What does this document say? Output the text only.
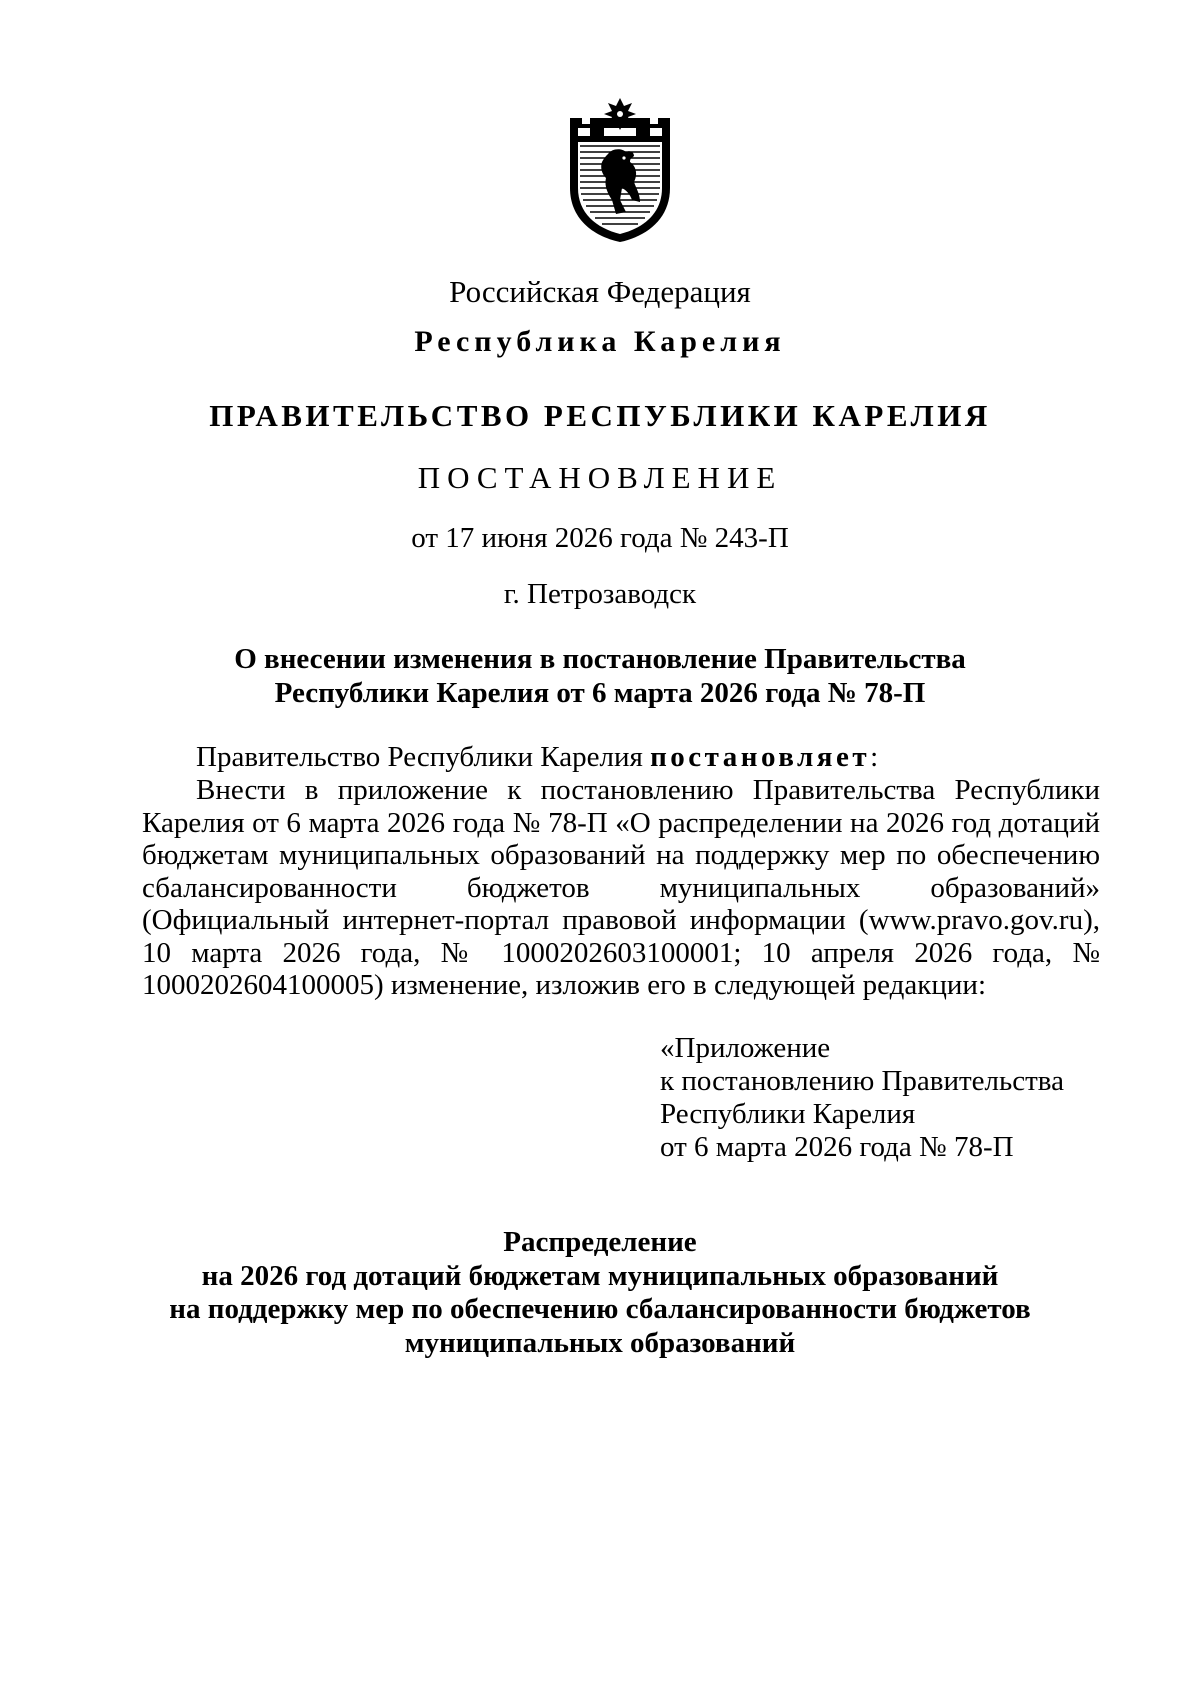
Российская Федерация
Республика Карелия
ПРАВИТЕЛЬСТВО РЕСПУБЛИКИ КАРЕЛИЯ
ПОСТАНОВЛЕНИЕ
от 17 июня 2026 года № 243-П
г. Петрозаводск
О внесении изменения в постановление Правительства
Республики Карелия от 6 марта 2026 года № 78-П
Правительство Республики Карелия постановляет:
Внести в приложение к постановлению Правительства Республики Карелия от 6 марта 2026 года № 78-П «О распределении на 2026 год дотаций бюджетам муниципальных образований на поддержку мер по обеспечению сбалансированности бюджетов муниципальных образований» (Официальный интернет-портал правовой информации (www.pravo.gov.ru), 10 марта 2026 года, № 1000202603100001; 10 апреля 2026 года, № 1000202604100005) изменение, изложив его в следующей редакции:
«Приложение
к постановлению Правительства
Республики Карелия
от 6 марта 2026 года № 78-П
Распределение
на 2026 год дотаций бюджетам муниципальных образований
на поддержку мер по обеспечению сбалансированности бюджетов
муниципальных образований
